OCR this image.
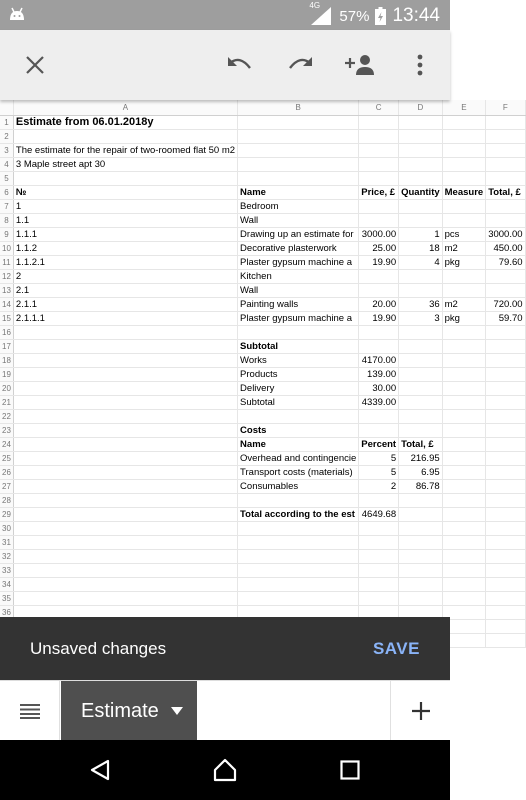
4G
57% 13:44
	A	B	C	D	E	F
1	Estimate from 06.01.2018y					
2						
3	The estimate for the repair of two-roomed flat 50 m2					
4	3 Maple street apt 30					
5						
6	№	Name	Price, £	Quantity	Measure	Total, £
7	1	Bedroom				
8	1.1	Wall				
9	1.1.1	Drawing up an estimate for	3000.00	1	pcs	3000.00
10	1.1.2	Decorative plasterwork	25.00	18	m2	450.00
11	1.1.2.1	Plaster gypsum machine a	19.90	4	pkg	79.60
12	2	Kitchen				
13	2.1	Wall				
14	2.1.1	Painting walls	20.00	36	m2	720.00
15	2.1.1.1	Plaster gypsum machine a	19.90	3	pkg	59.70
16						
17		Subtotal				
18		Works	4170.00			
19		Products	139.00			
20		Delivery	30.00			
21		Subtotal	4339.00			
22						
23		Costs				
24		Name	Percent	Total, £		
25		Overhead and contingencie	5	216.95		
26		Transport costs (materials)	5	6.95		
27		Consumables	2	86.78		
28						
29		Total according to the est	4649.68			
30						
31						
32						
33						
34						
35						
36						

Unsaved changes	SAVE
Estimate
